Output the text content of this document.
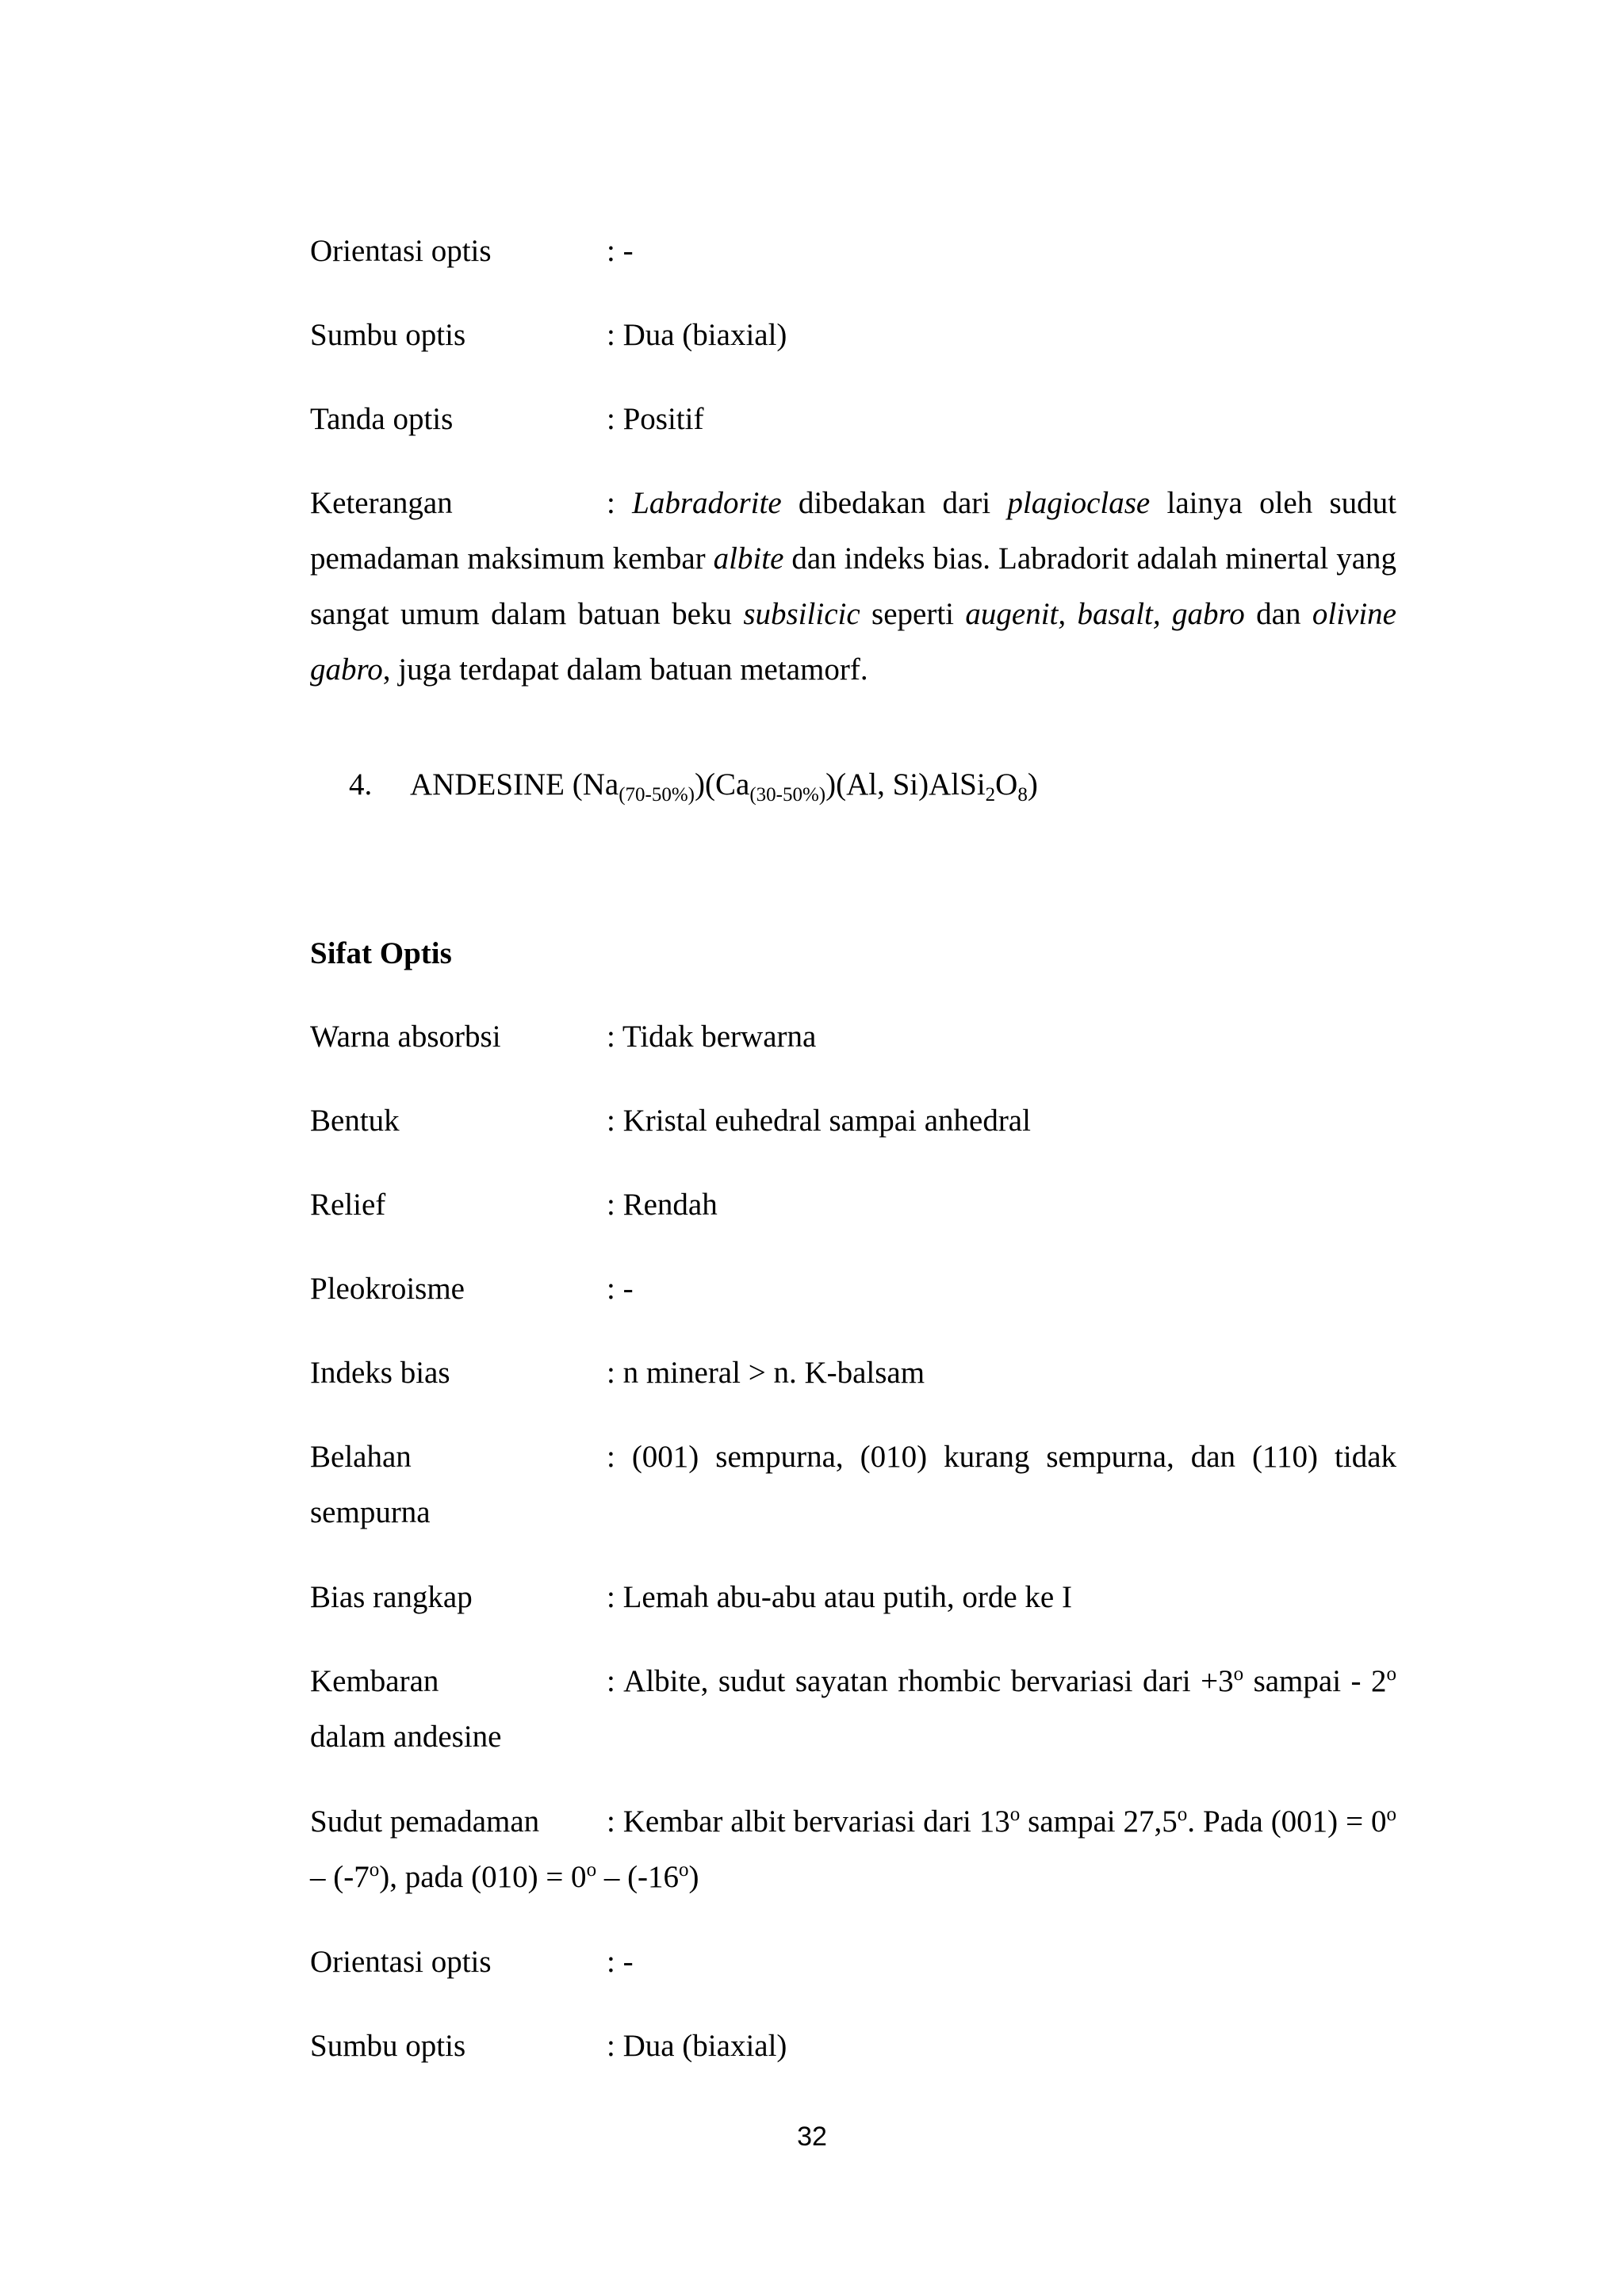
Orientasi optis	: -
Sumbu optis	: Dua (biaxial)
Tanda optis	: Positif
Keterangan	: Labradorite dibedakan dari plagioclase lainya oleh sudut pemadaman maksimum kembar albite dan indeks bias. Labradorit adalah minertal yang sangat umum dalam batuan beku subsilicic seperti augenit, basalt, gabro dan olivine gabro, juga terdapat dalam batuan metamorf.
4. ANDESINE $(Na_{(70-50\%)})(Ca_{(30-50\%)})(Al$, $Si)AlSi_2O_8$)
Sifat Optis
Warna absorbsi	: Tidak berwarna
Bentuk	: Kristal euhedral sampai anhedral
Relief	: Rendah
Pleokroisme	: -
Indeks bias	: n mineral > n. K-balsam
Belahan	: (001) sempurna, (010) kurang sempurna, dan (110) tidak sempurna
Bias rangkap	: Lemah abu-abu atau putih, orde ke I
Kembaran	: Albite, sudut sayatan rhombic bervariasi dari $+3^o$ sampai - 2$^o$ dalam andesine
Sudut pemadaman : Kembar albit bervariasi dari 13$^o$ sampai 27,5$^o$. Pada $(001) = 0^o - (-7^o)$, pada $(010) = 0^o - (-16^o)$
Orientasi optis	: -
Sumbu optis	: Dua (biaxial)
32
